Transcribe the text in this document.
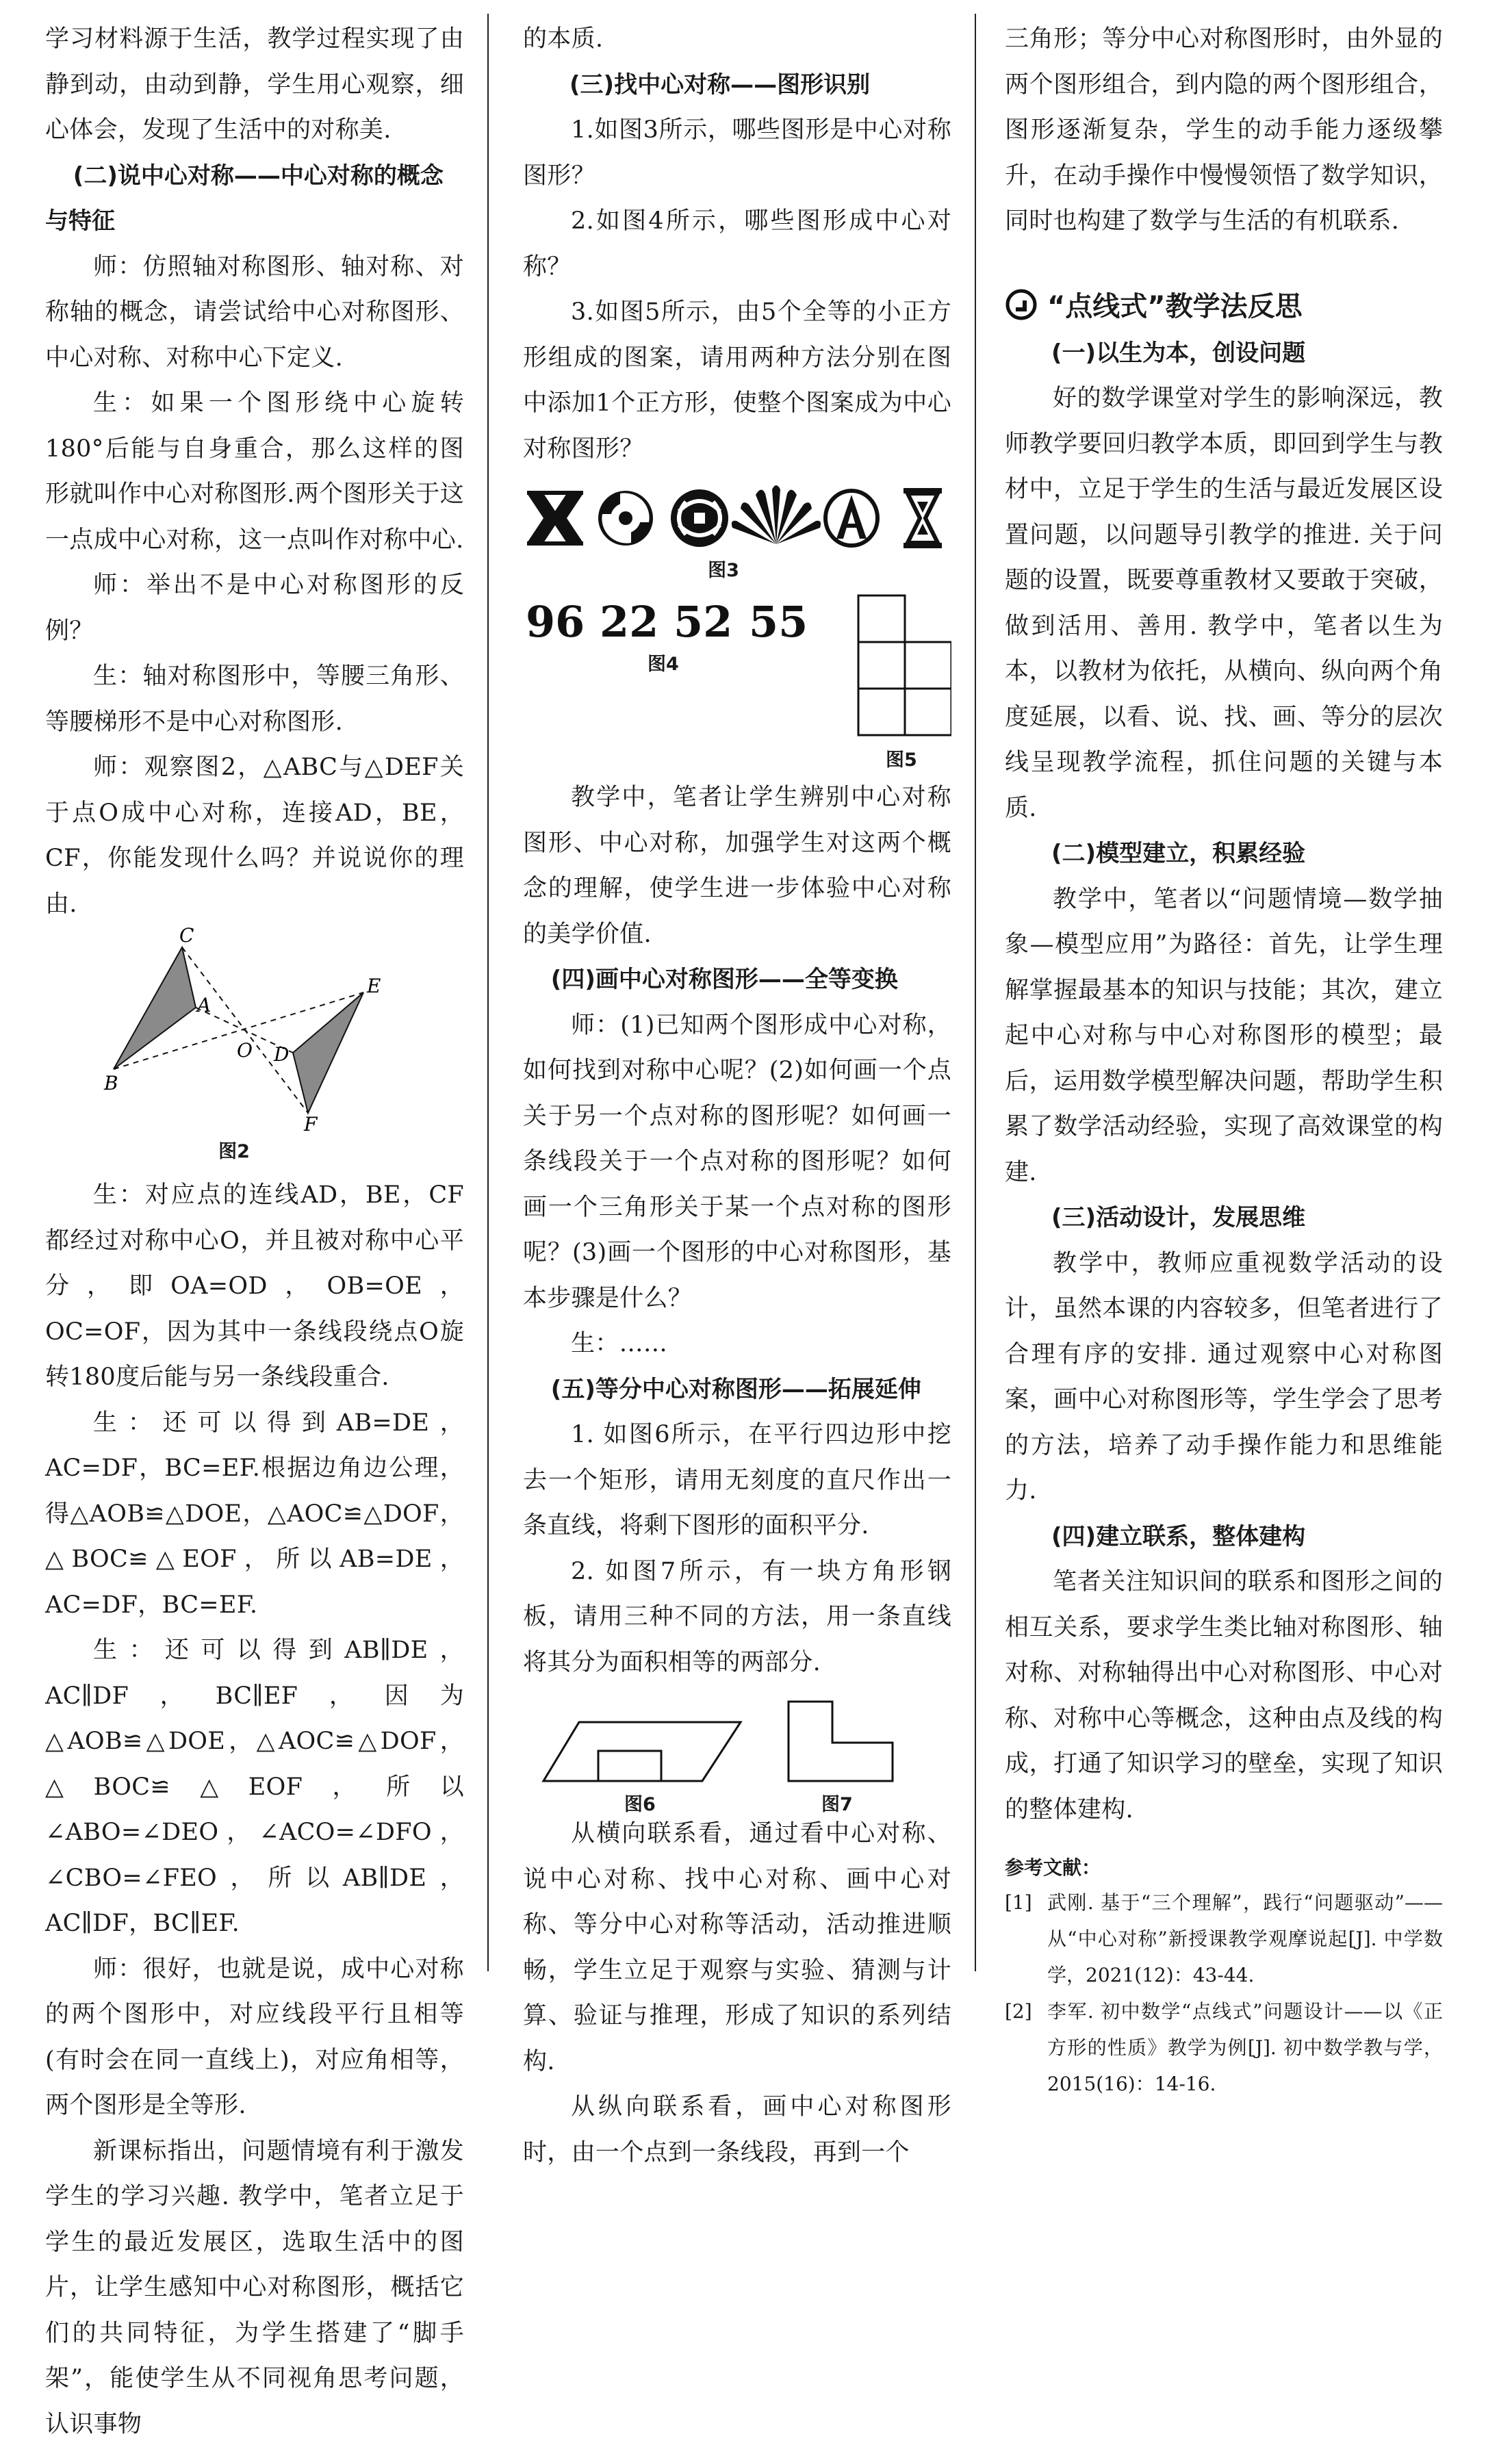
学习材料源于生活，教学过程实现了由静到动，由动到静，学生用心观察，细心体会，发现了生活中的对称美.

(二)说中心对称——中心对称的概念与特征

师：仿照轴对称图形、轴对称、对称轴的概念，请尝试给中心对称图形、中心对称、对称中心下定义.

生：如果一个图形绕中心旋转180°后能与自身重合，那么这样的图形就叫作中心对称图形.两个图形关于这一点成中心对称，这一点叫作对称中心.

师：举出不是中心对称图形的反例？

生：轴对称图形中，等腰三角形、等腰梯形不是中心对称图形.

师：观察图2，△ABC与△DEF关于点O成中心对称，连接AD，BE，CF，你能发现什么吗？并说说你的理由.

C
A
B
O D
E
F
图2

生：对应点的连线AD，BE，CF都经过对称中心O，并且被对称中心平分，即OA=OD，OB=OE，OC=OF，因为其中一条线段绕点O旋转180度后能与另一条线段重合.

生：还可以得到AB=DE，AC=DF，BC=EF.根据边角边公理，得△AOB≌△DOE，△AOC≌△DOF，△BOC≌△EOF，所以AB=DE，AC=DF，BC=EF.

生：还可以得到AB∥DE，AC∥DF，BC∥EF，因为△AOB≌△DOE，△AOC≌△DOF，△BOC≌△EOF，所以∠ABO=∠DEO，∠ACO=∠DFO，∠CBO=∠FEO，所以AB∥DE，AC∥DF，BC∥EF.

师：很好，也就是说，成中心对称的两个图形中，对应线段平行且相等(有时会在同一直线上)，对应角相等，两个图形是全等形.

新课标指出，问题情境有利于激发学生的学习兴趣. 教学中，笔者立足于学生的最近发展区，选取生活中的图片，让学生感知中心对称图形，概括它们的共同特征，为学生搭建了“脚手架”，能使学生从不同视角思考问题，认识事物

的本质.

(三)找中心对称——图形识别

1.如图3所示，哪些图形是中心对称图形？

2.如图4所示，哪些图形成中心对称？

3.如图5所示，由5个全等的小正方形组成的图案，请用两种方法分别在图中添加1个正方形，使整个图案成为中心对称图形？

图3
96 22 52 55
图4
图5

教学中，笔者让学生辨别中心对称图形、中心对称，加强学生对这两个概念的理解，使学生进一步体验中心对称的美学价值.

(四)画中心对称图形——全等变换

师：(1)已知两个图形成中心对称，如何找到对称中心呢？(2)如何画一个点关于另一个点对称的图形呢？如何画一条线段关于一个点对称的图形呢？如何画一个三角形关于某一个点对称的图形呢？(3)画一个图形的中心对称图形，基本步骤是什么？

生：……

(五)等分中心对称图形——拓展延伸

1. 如图6所示，在平行四边形中挖去一个矩形，请用无刻度的直尺作出一条直线，将剩下图形的面积平分.

2. 如图7所示，有一块方角形钢板，请用三种不同的方法，用一条直线将其分为面积相等的两部分.

图6	图7

从横向联系看，通过看中心对称、说中心对称、找中心对称、画中心对称、等分中心对称等活动，活动推进顺畅，学生立足于观察与实验、猜测与计算、验证与推理，形成了知识的系列结构.

从纵向联系看，画中心对称图形时，由一个点到一条线段，再到一个

三角形；等分中心对称图形时，由外显的两个图形组合，到内隐的两个图形组合，图形逐渐复杂，学生的动手能力逐级攀升，在动手操作中慢慢领悟了数学知识，同时也构建了数学与生活的有机联系.

“点线式”教学法反思
(一)以生为本，创设问题

好的数学课堂对学生的影响深远，教师教学要回归教学本质，即回到学生与教材中，立足于学生的生活与最近发展区设置问题，以问题导引教学的推进. 关于问题的设置，既要尊重教材又要敢于突破，做到活用、善用. 教学中，笔者以生为本，以教材为依托，从横向、纵向两个角度延展，以看、说、找、画、等分的层次线呈现教学流程，抓住问题的关键与本质.

(二)模型建立，积累经验

教学中，笔者以“问题情境—数学抽象—模型应用”为路径：首先，让学生理解掌握最基本的知识与技能；其次，建立起中心对称与中心对称图形的模型；最后，运用数学模型解决问题，帮助学生积累了数学活动经验，实现了高效课堂的构建.

(三)活动设计，发展思维

教学中，教师应重视数学活动的设计，虽然本课的内容较多，但笔者进行了合理有序的安排. 通过观察中心对称图案，画中心对称图形等，学生学会了思考的方法，培养了动手操作能力和思维能力.

(四)建立联系，整体建构

笔者关注知识间的联系和图形之间的相互关系，要求学生类比轴对称图形、轴对称、对称轴得出中心对称图形、中心对称、对称中心等概念，这种由点及线的构成，打通了知识学习的壁垒，实现了知识的整体建构.

参考文献：
[1] 武刚. 基于“三个理解”，践行“问题驱动”——从“中心对称”新授课教学观摩说起[J]. 中学数学，2021(12)：43-44.
[2] 李军. 初中数学“点线式”问题设计——以《正方形的性质》教学为例[J]. 初中数学教与学，2015(16)：14-16.
